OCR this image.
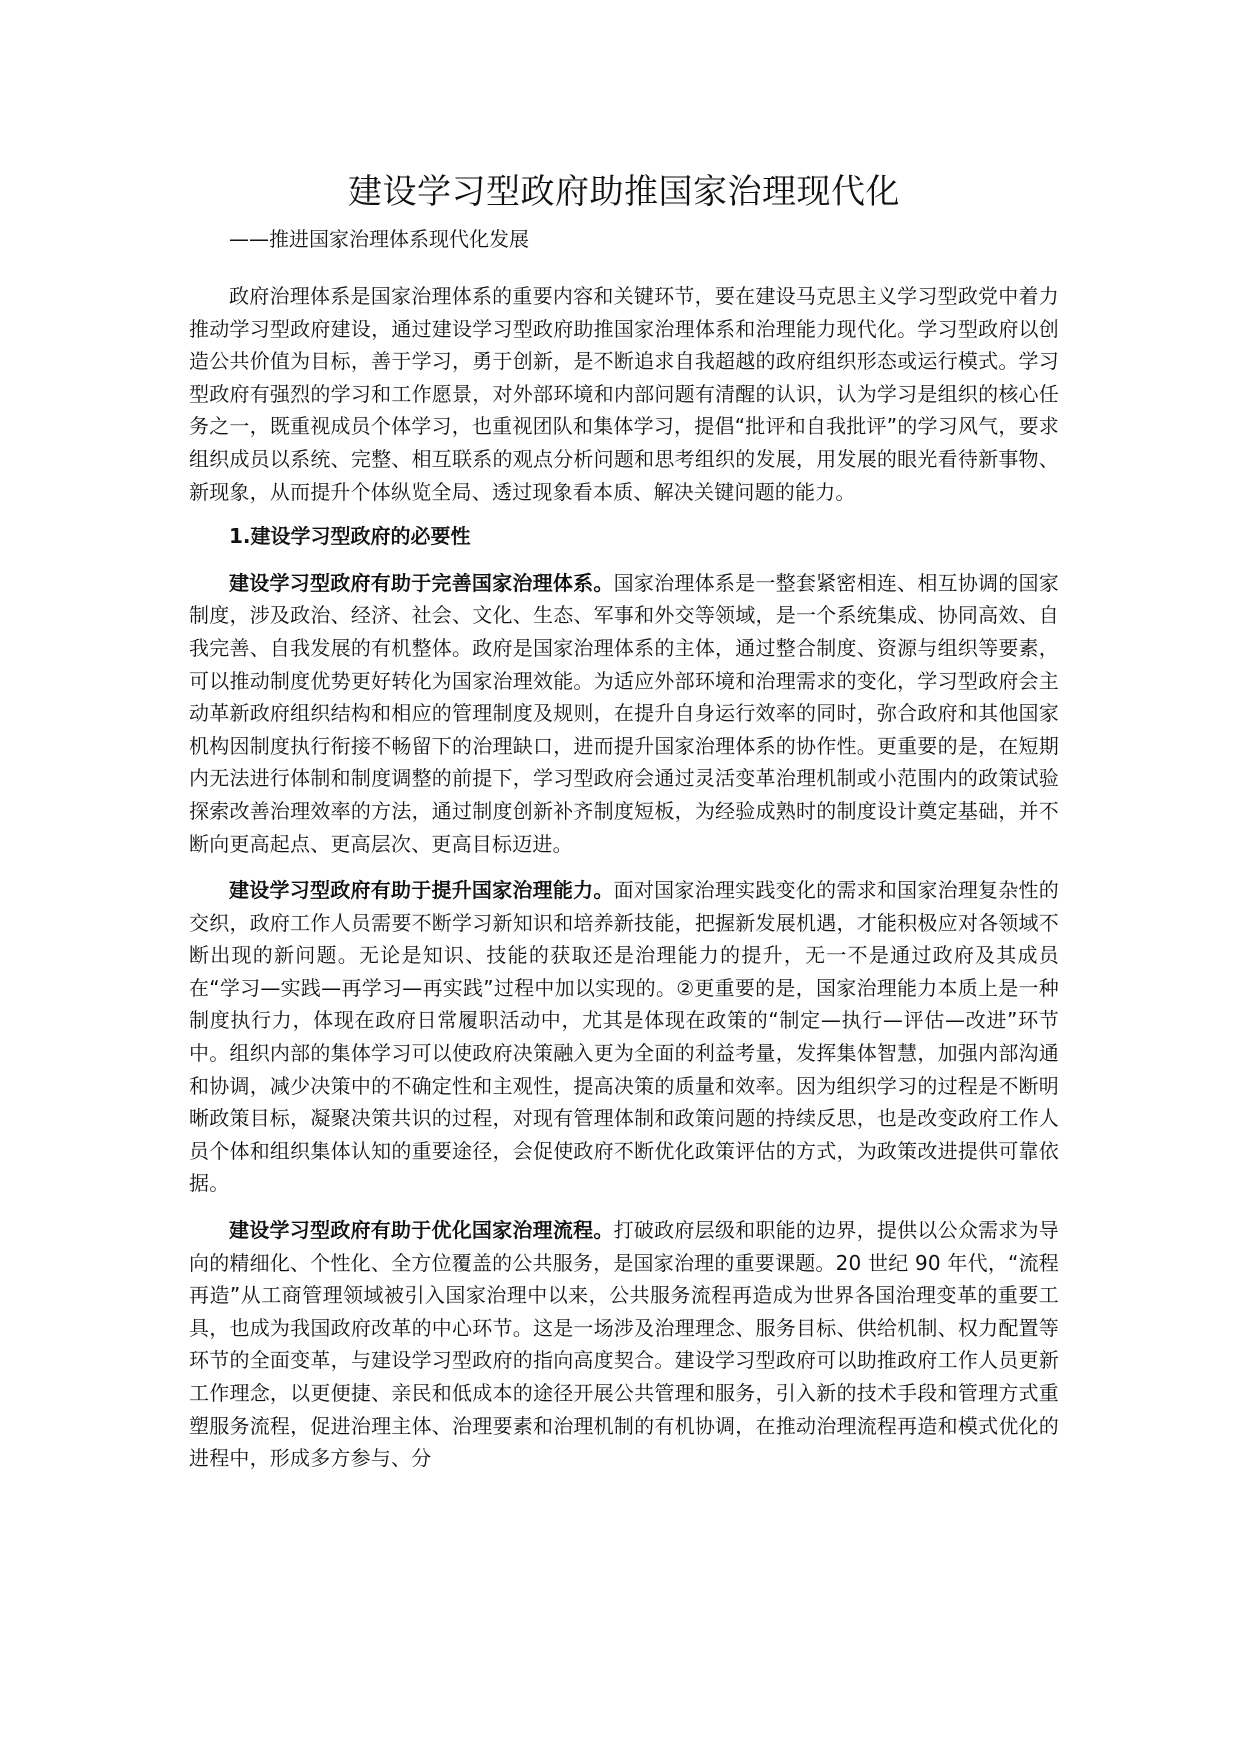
建设学习型政府助推国家治理现代化
——推进国家治理体系现代化发展

政府治理体系是国家治理体系的重要内容和关键环节，要在建设马克思主义学习型政党中着力推动学习型政府建设，通过建设学习型政府助推国家治理体系和治理能力现代化。学习型政府以创造公共价值为目标，善于学习，勇于创新，是不断追求自我超越的政府组织形态或运行模式。学习型政府有强烈的学习和工作愿景，对外部环境和内部问题有清醒的认识，认为学习是组织的核心任务之一，既重视成员个体学习，也重视团队和集体学习，提倡“批评和自我批评”的学习风气，要求组织成员以系统、完整、相互联系的观点分析问题和思考组织的发展，用发展的眼光看待新事物、新现象，从而提升个体纵览全局、透过现象看本质、解决关键问题的能力。

1.建设学习型政府的必要性

建设学习型政府有助于完善国家治理体系。国家治理体系是一整套紧密相连、相互协调的国家制度，涉及政治、经济、社会、文化、生态、军事和外交等领域，是一个系统集成、协同高效、自我完善、自我发展的有机整体。政府是国家治理体系的主体，通过整合制度、资源与组织等要素，可以推动制度优势更好转化为国家治理效能。为适应外部环境和治理需求的变化，学习型政府会主动革新政府组织结构和相应的管理制度及规则，在提升自身运行效率的同时，弥合政府和其他国家机构因制度执行衔接不畅留下的治理缺口，进而提升国家治理体系的协作性。更重要的是，在短期内无法进行体制和制度调整的前提下，学习型政府会通过灵活变革治理机制或小范围内的政策试验探索改善治理效率的方法，通过制度创新补齐制度短板，为经验成熟时的制度设计奠定基础，并不断向更高起点、更高层次、更高目标迈进。

建设学习型政府有助于提升国家治理能力。面对国家治理实践变化的需求和国家治理复杂性的交织，政府工作人员需要不断学习新知识和培养新技能，把握新发展机遇，才能积极应对各领域不断出现的新问题。无论是知识、技能的获取还是治理能力的提升，无一不是通过政府及其成员在“学习—实践—再学习—再实践”过程中加以实现的。②更重要的是，国家治理能力本质上是一种制度执行力，体现在政府日常履职活动中，尤其是体现在政策的“制定—执行—评估—改进”环节中。组织内部的集体学习可以使政府决策融入更为全面的利益考量，发挥集体智慧，加强内部沟通和协调，减少决策中的不确定性和主观性，提高决策的质量和效率。因为组织学习的过程是不断明晰政策目标，凝聚决策共识的过程，对现有管理体制和政策问题的持续反思，也是改变政府工作人员个体和组织集体认知的重要途径，会促使政府不断优化政策评估的方式，为政策改进提供可靠依据。

建设学习型政府有助于优化国家治理流程。打破政府层级和职能的边界，提供以公众需求为导向的精细化、个性化、全方位覆盖的公共服务，是国家治理的重要课题。20 世纪 90 年代，“流程再造”从工商管理领域被引入国家治理中以来，公共服务流程再造成为世界各国治理变革的重要工具，也成为我国政府改革的中心环节。这是一场涉及治理理念、服务目标、供给机制、权力配置等环节的全面变革，与建设学习型政府的指向高度契合。建设学习型政府可以助推政府工作人员更新工作理念，以更便捷、亲民和低成本的途径开展公共管理和服务，引入新的技术手段和管理方式重塑服务流程，促进治理主体、治理要素和治理机制的有机协调，在推动治理流程再造和模式优化的进程中，形成多方参与、分
